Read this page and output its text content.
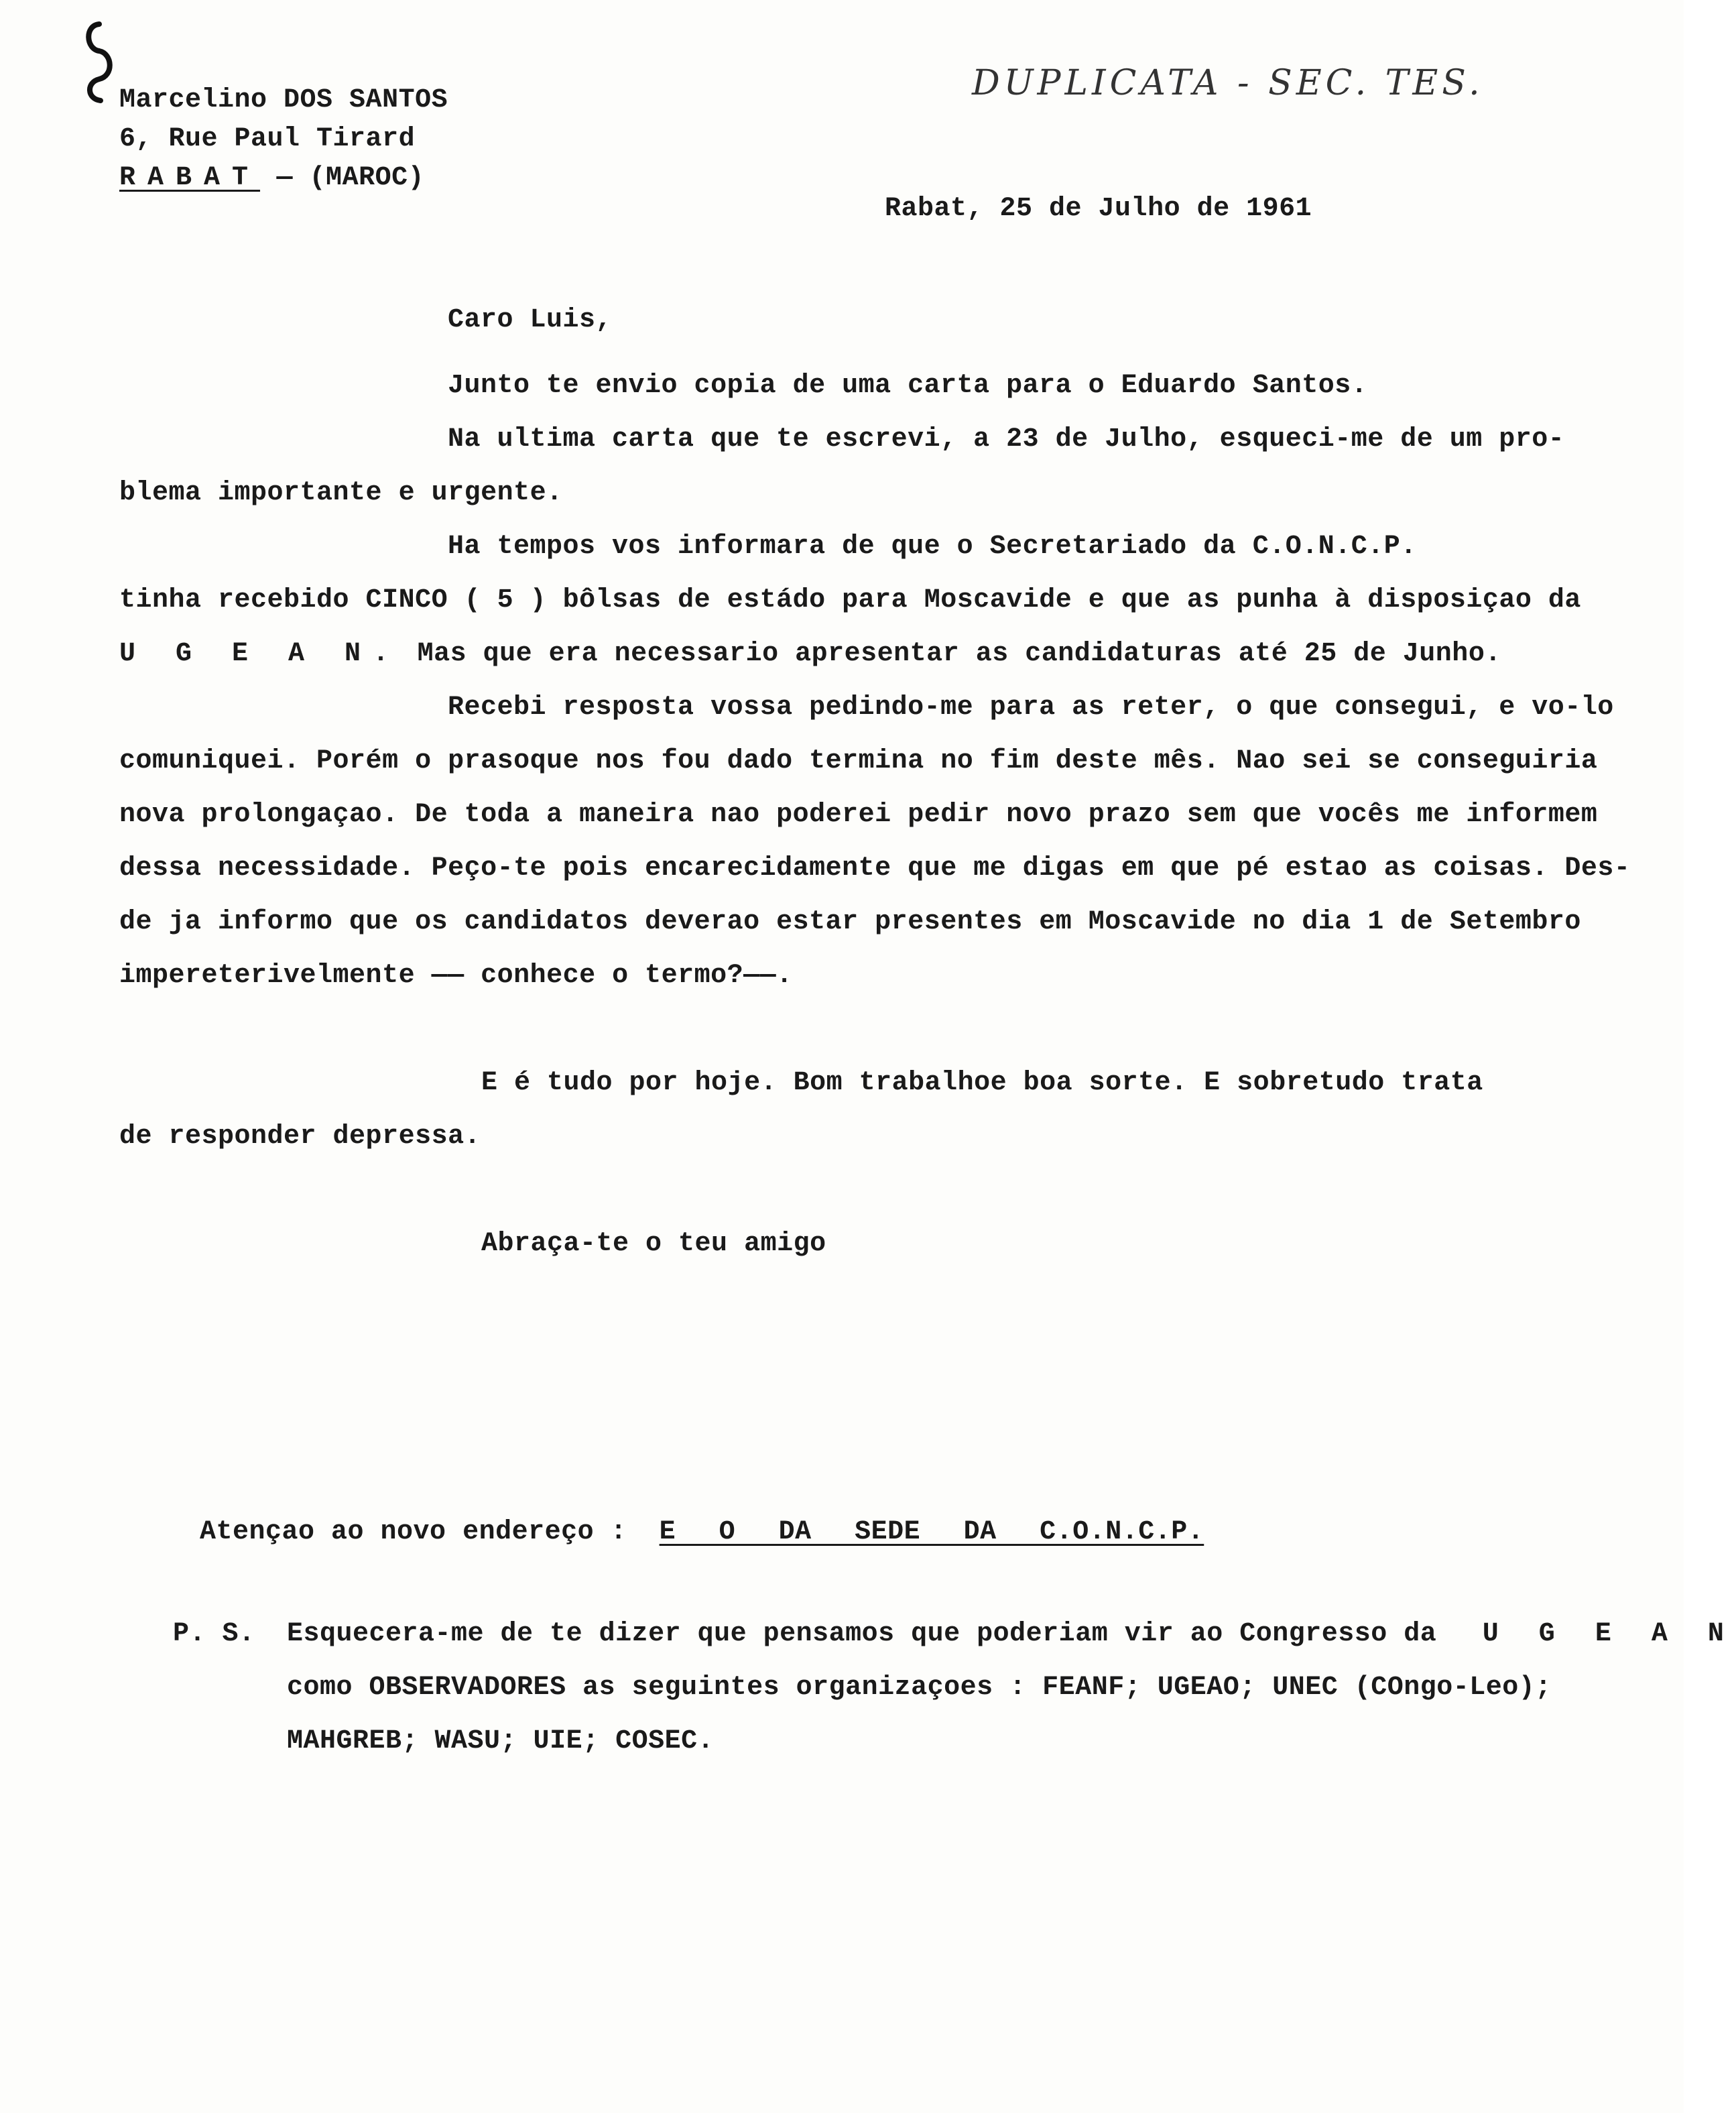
DUPLICATA - SEC. TES.
Marcelino DOS SANTOS
6, Rue Paul Tirard
RABAT — (MAROC)
Rabat, 25 de Julho de 1961
Caro Luis,
Junto te envio copia de uma carta para o Eduardo Santos.
Na ultima carta que te escrevi, a 23 de Julho, esqueci-me de um pro-
blema importante e urgente.
Ha tempos vos informara de que o Secretariado da C.O.N.C.P.
tinha recebido CINCO ( 5 ) bôlsas de estádo para Moscavide e que as punha à disposiçao da
U G E A N. Mas que era necessario apresentar as candidaturas até 25 de Junho.
Recebi resposta vossa pedindo-me para as reter, o que consegui, e vo-lo
comuniquei. Porém o prasoque nos fou dado termina no fim deste mês. Nao sei se conseguiria
nova prolongaçao. De toda a maneira nao poderei pedir novo prazo sem que vocês me informem
dessa necessidade. Peço-te pois encarecidamente que me digas em que pé estao as coisas. Des-
de ja informo que os candidatos deverao estar presentes em Moscavide no dia 1 de Setembro
impereterivelmente —— conhece o termo?——.
E é tudo por hoje. Bom trabalhoe boa sorte. E sobretudo trata
de responder depressa.
Abraça-te o teu amigo
Atençao ao novo endereço : E O DA SEDE DA C.O.N.C.P.
P. S. Esquecera-me de te dizer que pensamos que poderiam vir ao Congresso da U G E A N
como OBSERVADORES as seguintes organizaçoes : FEANF; UGEAO; UNEC (COngo-Leo);
MAHGREB; WASU; UIE; COSEC.
